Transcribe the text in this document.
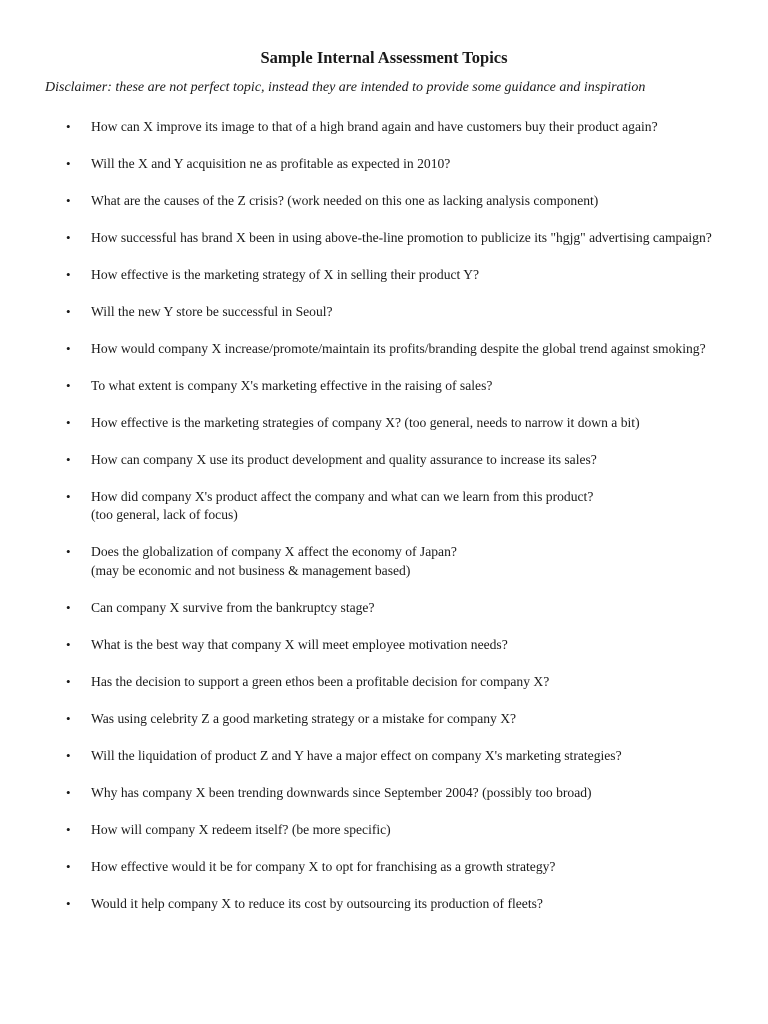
Sample Internal Assessment Topics

Disclaimer: these are not perfect topic, instead they are intended to provide some guidance and inspiration

• How can X improve its image to that of a high brand again and have customers buy their product again?
• Will the X and Y acquisition ne as profitable as expected in 2010?
• What are the causes of the Z crisis? (work needed on this one as lacking analysis component)
• How successful has brand X been in using above-the-line promotion to publicize its "hgjg" advertising campaign?
• How effective is the marketing strategy of X in selling their product Y?
• Will the new Y store be successful in Seoul?
• How would company X increase/promote/maintain its profits/branding despite the global trend against smoking?
• To what extent is company X's marketing effective in the raising of sales?
• How effective is the marketing strategies of company X? (too general, needs to narrow it down a bit)
• How can company X use its product development and quality assurance to increase its sales?
• How did company X's product affect the company and what can we learn from this product?
(too general, lack of focus)
• Does the globalization of company X affect the economy of Japan?
(may be economic and not business & management based)
• Can company X survive from the bankruptcy stage?
• What is the best way that company X will meet employee motivation needs?
• Has the decision to support a green ethos been a profitable decision for company X?
• Was using celebrity Z a good marketing strategy or a mistake for company X?
• Will the liquidation of product Z and Y have a major effect on company X's marketing strategies?
• Why has company X been trending downwards since September 2004? (possibly too broad)
• How will company X redeem itself? (be more specific)
• How effective would it be for company X to opt for franchising as a growth strategy?
• Would it help company X to reduce its cost by outsourcing its production of fleets?
